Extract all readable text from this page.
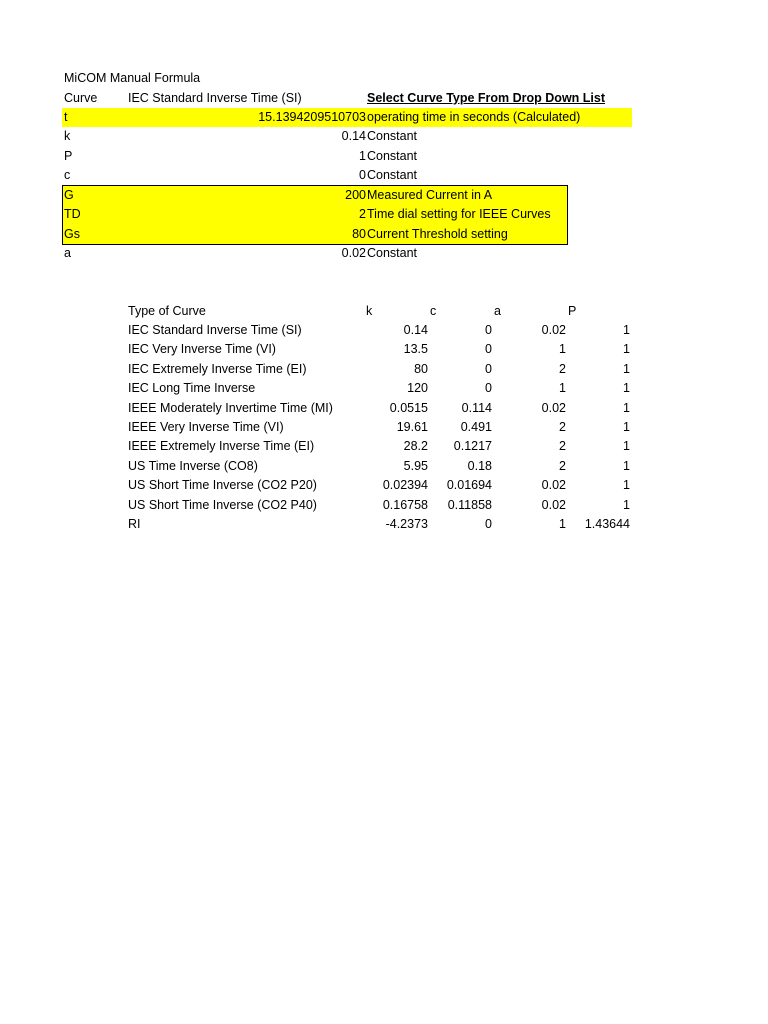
MiCOM Manual Formula
Curve IEC Standard Inverse Time (SI)	Select Curve Type From Drop Down List
t	15.1394209510703 operating time in seconds (Calculated)
k	0.14 Constant
P	1 Constant
c	0 Constant
G	200 Measured Current in A
TD	2 Time dial setting for IEEE Curves
Gs	80 Current Threshold setting
a	0.02 Constant
Type of Curve	k	c	a	P
IEC Standard Inverse Time (SI)	0.14	0	0.02	1
IEC Very Inverse Time (VI)	13.5	0	1	1
IEC Extremely Inverse Time (EI)	80	0	2	1
IEC Long Time Inverse	120	0	1	1
IEEE Moderately Invertime Time (MI)	0.0515	0.114	0.02	1
IEEE Very Inverse Time (VI)	19.61	0.491	2	1
IEEE Extremely Inverse Time (EI)	28.2	0.1217	2	1
US Time Inverse (CO8)	5.95	0.18	2	1
US Short Time Inverse (CO2 P20)	0.02394	0.01694	0.02	1
US Short Time Inverse (CO2 P40)	0.16758	0.11858	0.02	1
RI	-4.2373	0	1	1.43644
